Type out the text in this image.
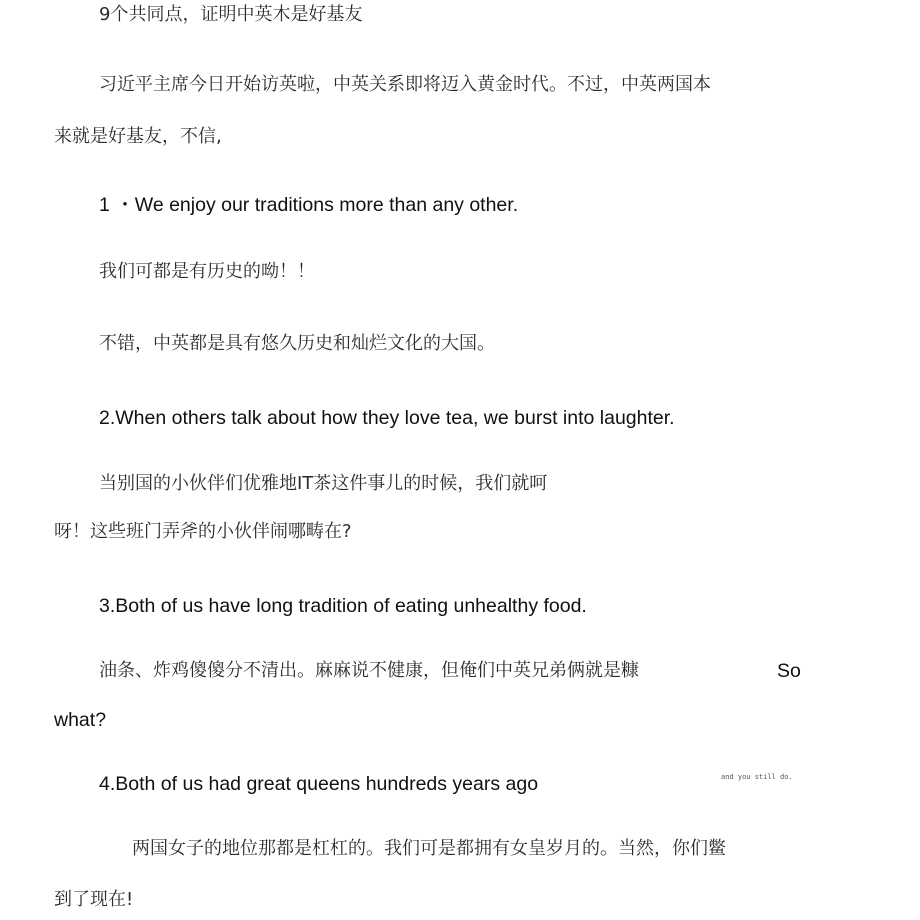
9个共同点，证明中英木是好基友
习近平主席今日开始访英啦，中英关系即将迈入黄金时代。不过，中英两国本
来就是好基友，不信,
1 ・We enjoy our traditions more than any other.
我们可都是有历史的呦！！
不错，中英都是具有悠久历史和灿烂文化的大国。
2.When others talk about how they love tea, we burst into laughter.
当别国的小伙伴们优雅地IT茶这件事儿的时候，我们就呵
呀！这些班门弄斧的小伙伴闹哪畴在?
3.Both of us have long tradition of eating unhealthy food.
油条、炸鸡傻傻分不清出。麻麻说不健康，但俺们中英兄弟俩就是糠	So
what?
4.Both of us had great queens hundreds years ago	and you still do.
两国女子的地位那都是杠杠的。我们可是都拥有女皇岁月的。当然，你们鳖
到了现在!
